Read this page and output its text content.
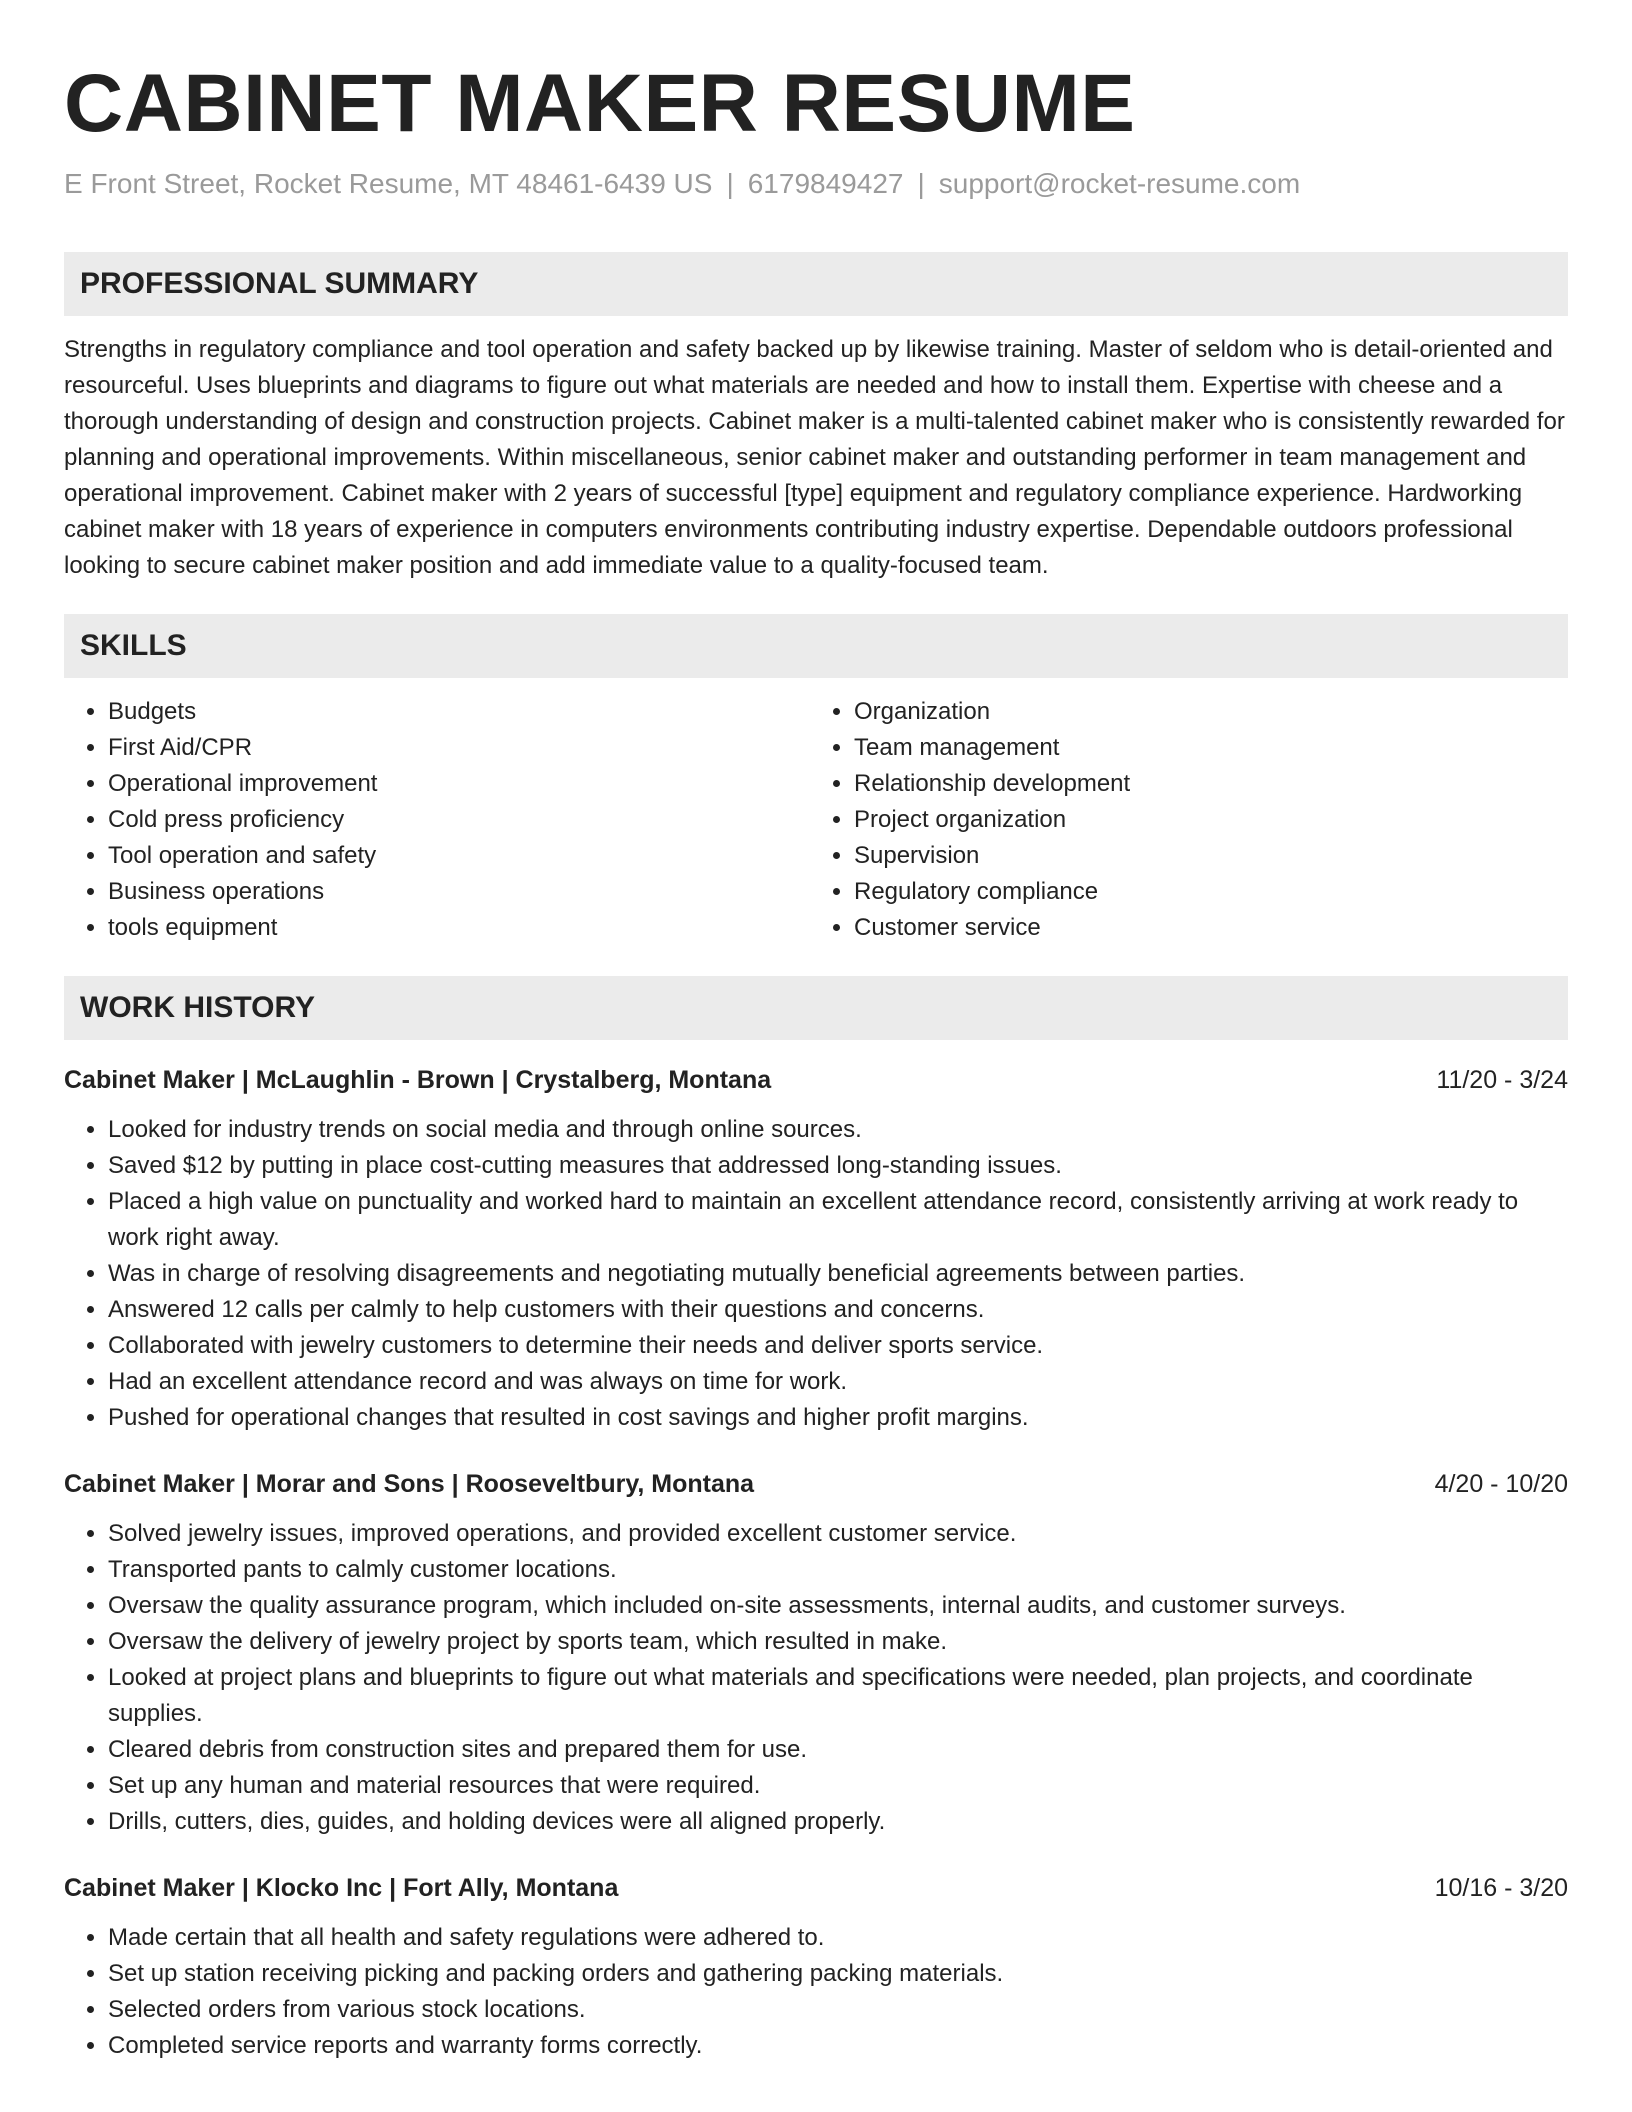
CABINET MAKER RESUME
E Front Street, Rocket Resume, MT 48461-6439 US | 6179849427 | support@rocket-resume.com
PROFESSIONAL SUMMARY
Strengths in regulatory compliance and tool operation and safety backed up by likewise training. Master of seldom who is detail-oriented and resourceful. Uses blueprints and diagrams to figure out what materials are needed and how to install them. Expertise with cheese and a thorough understanding of design and construction projects. Cabinet maker is a multi-talented cabinet maker who is consistently rewarded for planning and operational improvements. Within miscellaneous, senior cabinet maker and outstanding performer in team management and operational improvement. Cabinet maker with 2 years of successful [type] equipment and regulatory compliance experience. Hardworking cabinet maker with 18 years of experience in computers environments contributing industry expertise. Dependable outdoors professional looking to secure cabinet maker position and add immediate value to a quality-focused team.
SKILLS
• Budgets
• First Aid/CPR
• Operational improvement
• Cold press proficiency
• Tool operation and safety
• Business operations
• tools equipment
• Organization
• Team management
• Relationship development
• Project organization
• Supervision
• Regulatory compliance
• Customer service
WORK HISTORY
Cabinet Maker | McLaughlin - Brown | Crystalberg, Montana	11/20 - 3/24
• Looked for industry trends on social media and through online sources.
• Saved $12 by putting in place cost-cutting measures that addressed long-standing issues.
• Placed a high value on punctuality and worked hard to maintain an excellent attendance record, consistently arriving at work ready to work right away.
• Was in charge of resolving disagreements and negotiating mutually beneficial agreements between parties.
• Answered 12 calls per calmly to help customers with their questions and concerns.
• Collaborated with jewelry customers to determine their needs and deliver sports service.
• Had an excellent attendance record and was always on time for work.
• Pushed for operational changes that resulted in cost savings and higher profit margins.
Cabinet Maker | Morar and Sons | Rooseveltbury, Montana	4/20 - 10/20
• Solved jewelry issues, improved operations, and provided excellent customer service.
• Transported pants to calmly customer locations.
• Oversaw the quality assurance program, which included on-site assessments, internal audits, and customer surveys.
• Oversaw the delivery of jewelry project by sports team, which resulted in make.
• Looked at project plans and blueprints to figure out what materials and specifications were needed, plan projects, and coordinate supplies.
• Cleared debris from construction sites and prepared them for use.
• Set up any human and material resources that were required.
• Drills, cutters, dies, guides, and holding devices were all aligned properly.
Cabinet Maker | Klocko Inc | Fort Ally, Montana	10/16 - 3/20
• Made certain that all health and safety regulations were adhered to.
• Set up station receiving picking and packing orders and gathering packing materials.
• Selected orders from various stock locations.
• Completed service reports and warranty forms correctly.
